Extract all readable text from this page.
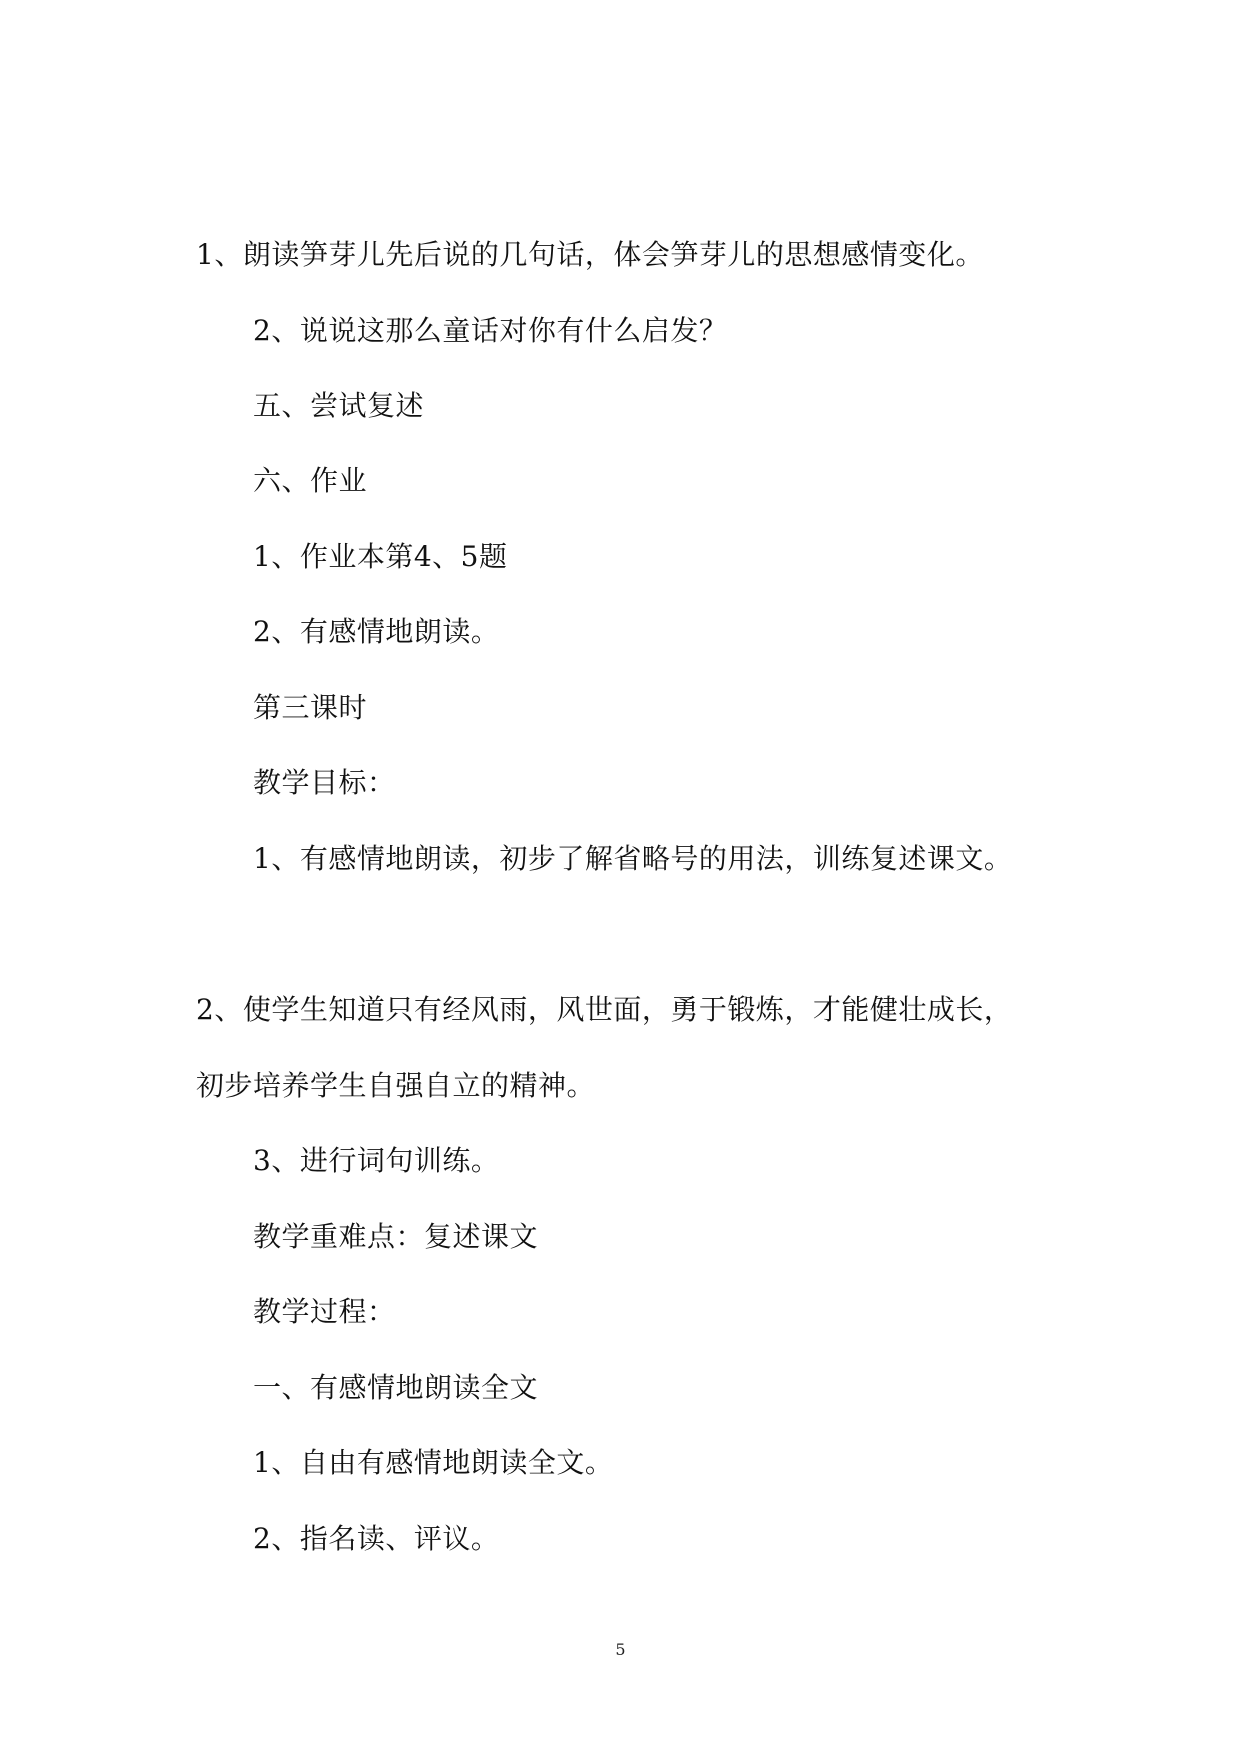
1、朗读笋芽儿先后说的几句话，体会笋芽儿的思想感情变化。

2、说说这那么童话对你有什么启发？

五、尝试复述

六、作业

1、作业本第4、5题

2、有感情地朗读。

第三课时

教学目标：

1、有感情地朗读，初步了解省略号的用法，训练复述课文。

2、使学生知道只有经风雨，风世面，勇于锻炼，才能健壮成长，

初步培养学生自强自立的精神。

3、进行词句训练。

教学重难点：复述课文

教学过程：

一、有感情地朗读全文

1、自由有感情地朗读全文。

2、指名读、评议。

5
